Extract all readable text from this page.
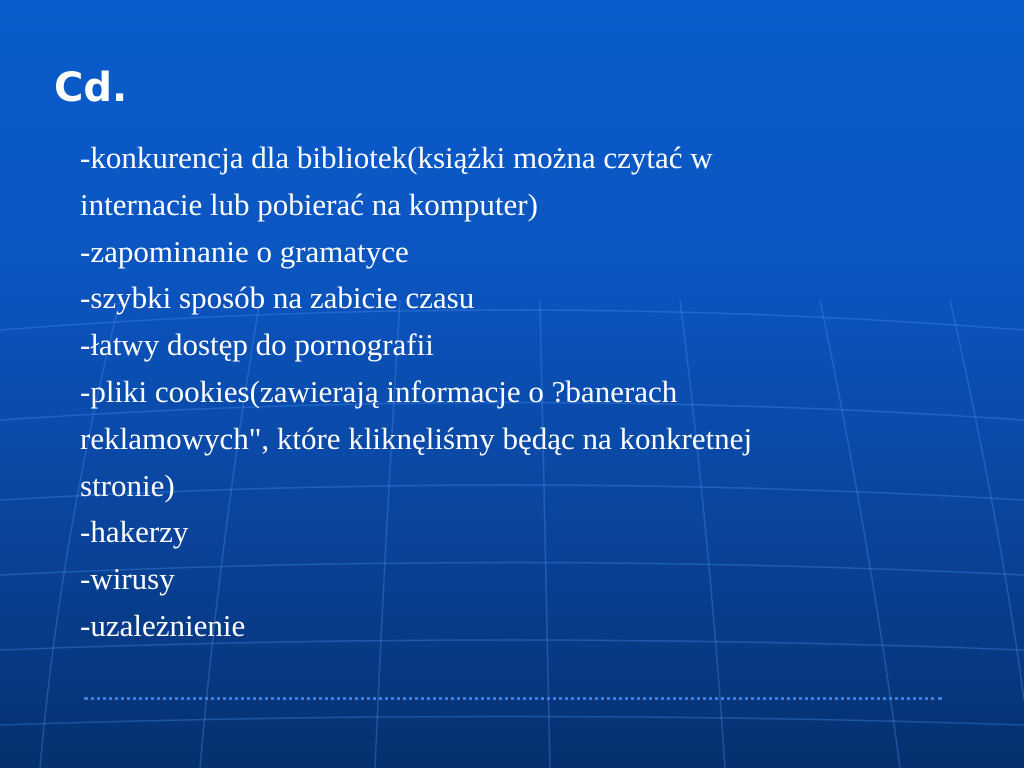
Cd.
-konkurencja dla bibliotek(książki można czytać w
internacie lub pobierać na komputer)
-zapominanie o gramatyce
-szybki sposób na zabicie czasu
-łatwy dostęp do pornografii
-pliki cookies(zawierają informacje o ?banerach
reklamowych", które kliknęliśmy będąc na konkretnej
stronie)
-hakerzy
-wirusy
-uzależnienie
